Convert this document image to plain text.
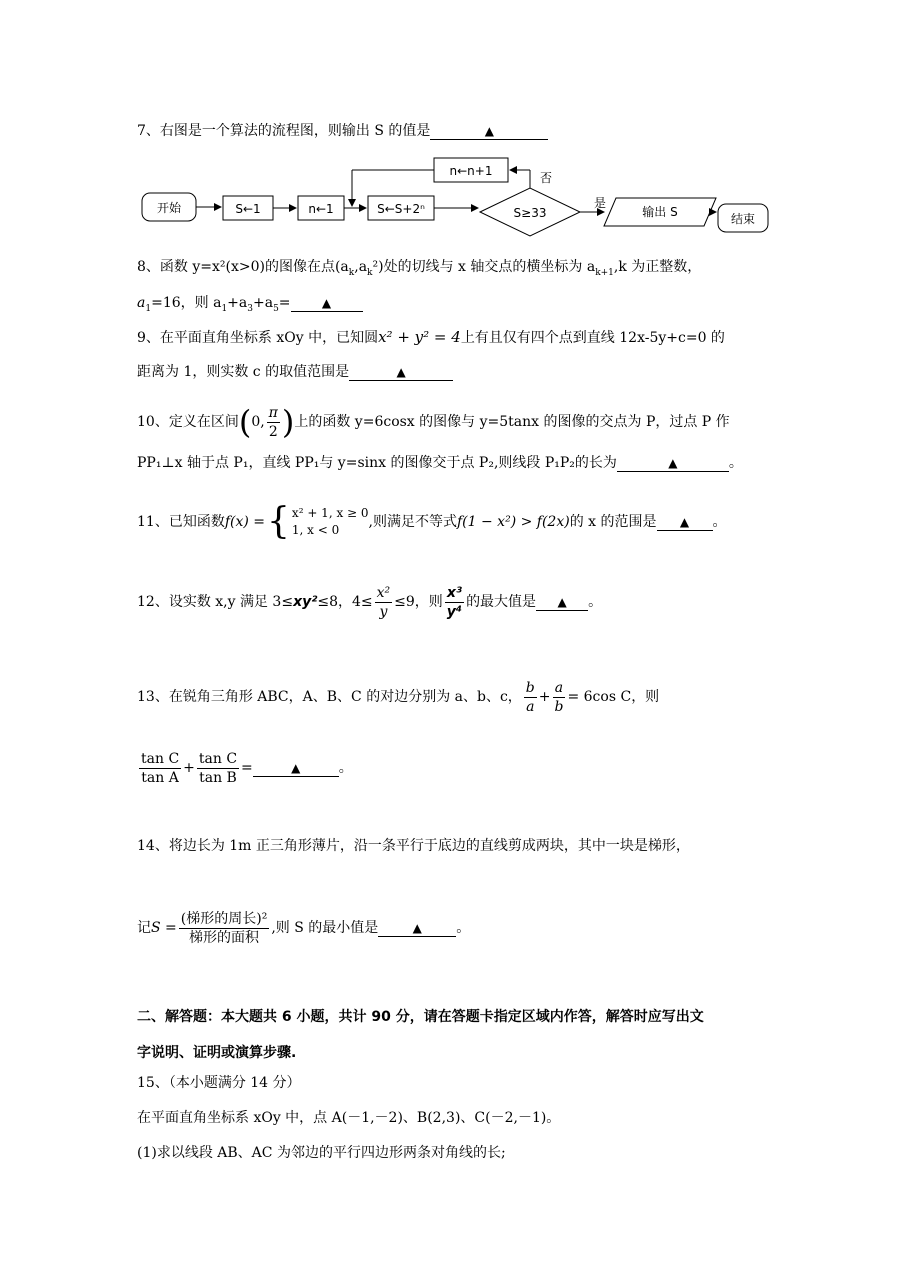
7、右图是一个算法的流程图，则输出 S 的值是	▲
开始	S←1	n←1	S←S+2ⁿ	S≥33
是
输出 S	结束
否
n←n+1
8、函数 y=x²(x>0)的图像在点$(a_k,a_k^2)$处的切线与 x 轴交点的横坐标为 $a_{k+1},k$ 为正整数，
$a_1=16$，则 $a_1+a_3+a_5=$	▲
9、在平面直角坐标系 xOy 中，已知圆x² + y² = 4上有且仅有四个点到直线 12x-5y+c=0 的
距离为 1，则实数 c 的取值范围是	▲
10、定义在区间(0, $\frac{\pi}{2}$ )上的函数 y=6cosx 的图像与 y=5tanx 的图像的交点为 P，过点 P 作
PP₁⊥x 轴于点 P₁，直线 PP₁与 y=sinx 的图像交于点 P₂,则线段 P₁P₂的长为	▲	。
11、已知函数f(x) = { x² + 1, x ≥ 0
1, x < 0	,则满足不等式f(1 − x²) > f(2x)的 x 的范围是 ▲ 。
12、设实数 x,y 满足 3≤xy²≤8，$4\le \frac{\text{x²}}{y} \le 9$，则 $\frac{\text{x³}}{\text{y⁴}}$ 的最大值是 ▲ 。
13、在锐角三角形 ABC，A、B、C 的对边分别为 a、b、c， $\frac{b}{a} + \frac{a}{b} = 6\cos$ C，则
$\frac{\text{tan C}}{\text{tan A}} + \frac{\text{tan C}}{\text{tan B}}$ =	▲	。
14、将边长为 1m 正三角形薄片，沿一条平行于底边的直线剪成两块，其中一块是梯形，
记$S = \frac{\text{(梯形的周长)²}}{\text{梯形的面积}}$ ,则 S 的最小值是	▲ 。
二、解答题：本大题共 6 小题，共计 90 分，请在答题卡指定区域内作答，解答时应写出文
字说明、证明或演算步骤.
15、（本小题满分 14 分）
在平面直角坐标系 xOy 中，点 A(－1,－2)、B(2,3)、C(－2,－1)。
(1)求以线段 AB、AC 为邻边的平行四边形两条对角线的长;
